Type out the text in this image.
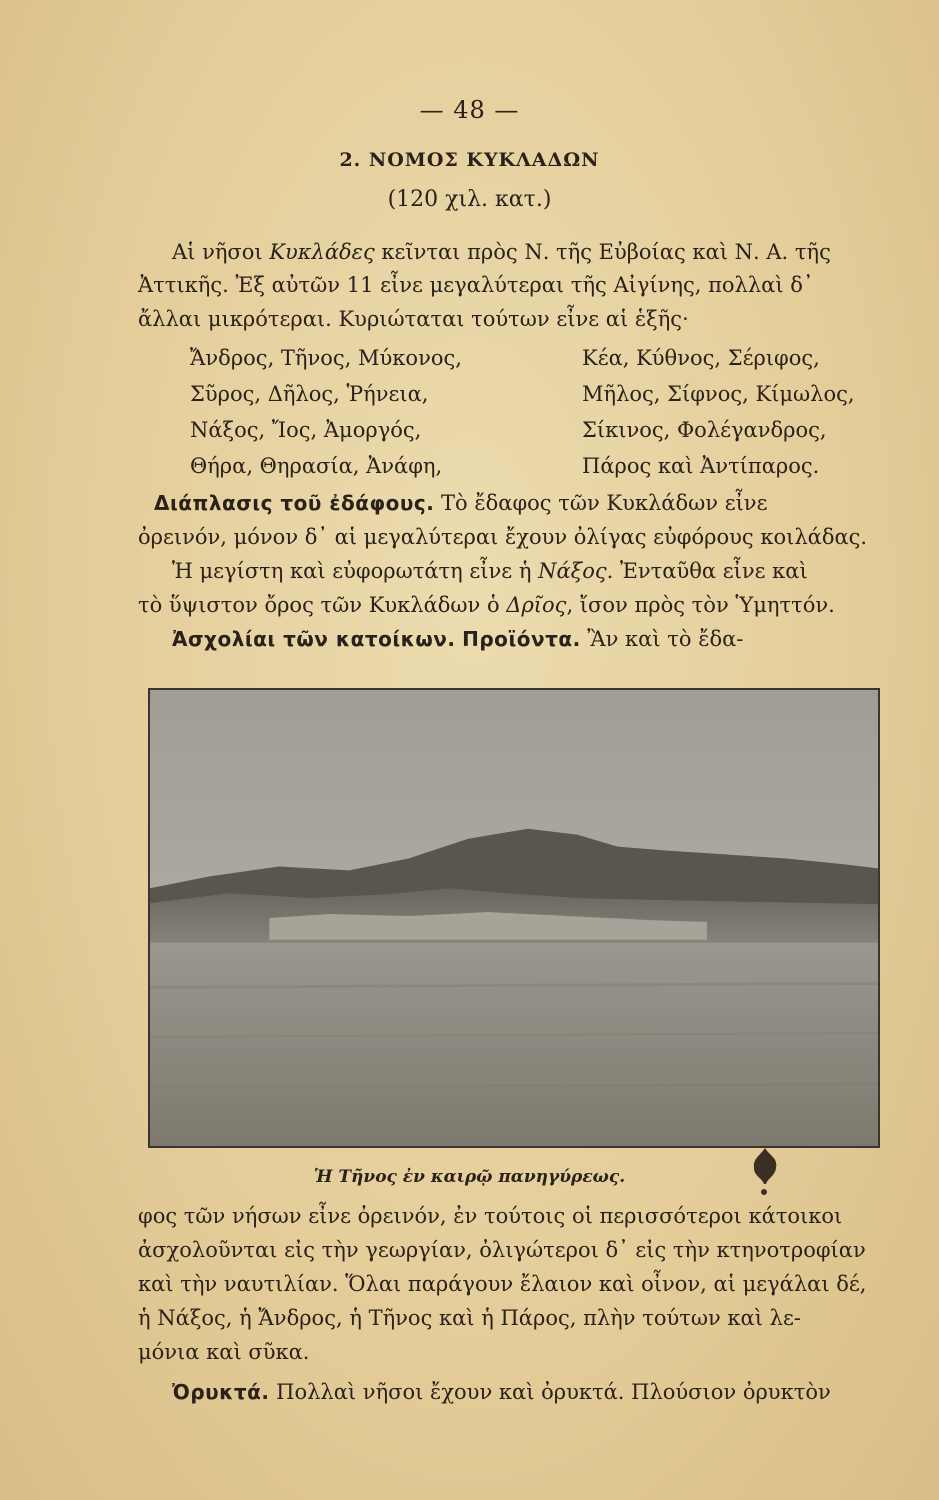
— 48 —
2. ΝΟΜΟΣ ΚΥΚΛΑΔΩΝ
(120 χιλ. κατ.)
Αἱ νῆσοι Κυκλάδες κεῖνται πρὸς Ν. τῆς Εὐβοίας καὶ Ν. Α. τῆς
Ἀττικῆς. Ἐξ αὐτῶν 11 εἶνε μεγαλύτεραι τῆς Αἰγίνης, πολλαὶ δ᾽
ἄλλαι μικρότεραι. Κυριώταται τούτων εἶνε αἱ ἑξῆς·
Ἄνδρος, Τῆνος, Μύκονος,
Σῦρος, Δῆλος, Ῥήνεια,
Νάξος, Ἴος, Ἀμοργός,
Θήρα, Θηρασία, Ἀνάφη,
Κέα, Κύθνος, Σέριφος,
Μῆλος, Σίφνος, Κίμωλος,
Σίκινος, Φολέγανδρος,
Πάρος καὶ Ἀντίπαρος.
Διάπλασις τοῦ ἐδάφους. Τὸ ἔδαφος τῶν Κυκλάδων εἶνε
ὀρεινόν, μόνον δ᾽ αἱ μεγαλύτεραι ἔχουν ὀλίγας εὐφόρους κοιλάδας.
Ἡ μεγίστη καὶ εὐφορωτάτη εἶνε ἡ Νάξος. Ἐνταῦθα εἶνε καὶ
τὸ ὕψιστον ὄρος τῶν Κυκλάδων ὁ Δρῖος, ἴσον πρὸς τὸν Ὑμηττόν.
Ἀσχολίαι τῶν κατοίκων. Προϊόντα. Ἂν καὶ τὸ ἔδα-
Ἡ Τῆνος ἐν καιρῷ πανηγύρεως.
φος τῶν νήσων εἶνε ὀρεινόν, ἐν τούτοις οἱ περισσότεροι κάτοικοι
ἀσχολοῦνται εἰς τὴν γεωργίαν, ὀλιγώτεροι δ᾽ εἰς τὴν κτηνοτροφίαν
καὶ τὴν ναυτιλίαν. Ὅλαι παράγουν ἔλαιον καὶ οἶνον, αἱ μεγάλαι δέ,
ἡ Νάξος, ἡ Ἄνδρος, ἡ Τῆνος καὶ ἡ Πάρος, πλὴν τούτων καὶ λε-
μόνια καὶ σῦκα.
Ὀρυκτά. Πολλαὶ νῆσοι ἔχουν καὶ ὀρυκτά. Πλούσιον ὀρυκτὸν
